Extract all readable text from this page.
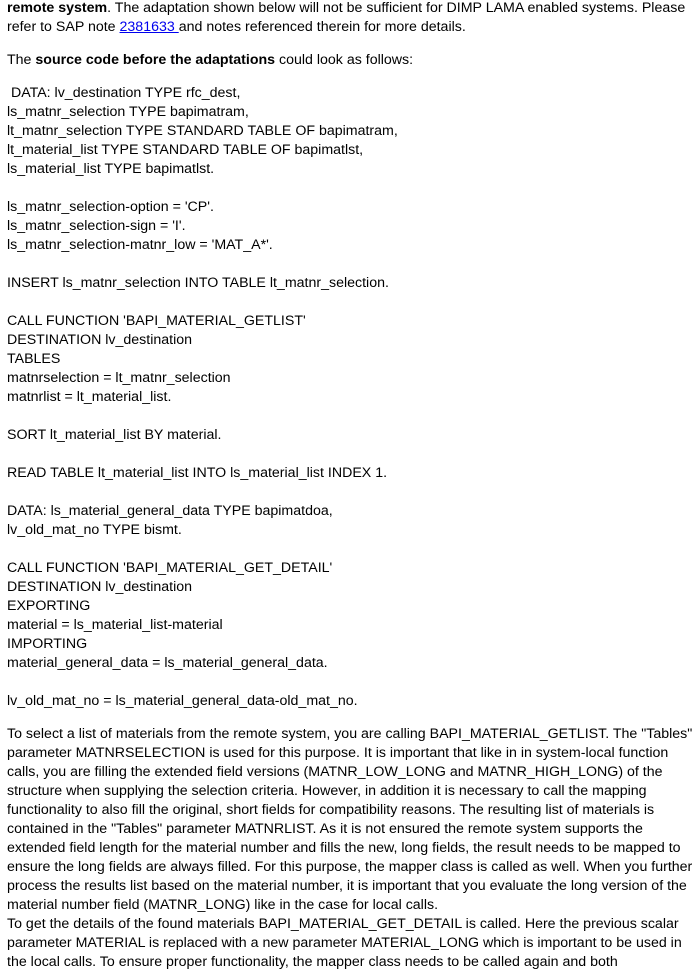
remote system. The adaptation shown below will not be sufficient for DIMP LAMA enabled systems. Please refer to SAP note 2381633 and notes referenced therein for more details.

The source code before the adaptations could look as follows:

DATA: lv_destination TYPE rfc_dest,
ls_matnr_selection TYPE bapimatram,
lt_matnr_selection TYPE STANDARD TABLE OF bapimatram,
lt_material_list TYPE STANDARD TABLE OF bapimatlst,
ls_material_list TYPE bapimatlst.
ls_matnr_selection-option = 'CP'.
ls_matnr_selection-sign = 'I'.
ls_matnr_selection-matnr_low = 'MAT_A*'.
INSERT ls_matnr_selection INTO TABLE lt_matnr_selection.
CALL FUNCTION 'BAPI_MATERIAL_GETLIST'
DESTINATION lv_destination
TABLES
matnrselection = lt_matnr_selection
matnrlist = lt_material_list.
SORT lt_material_list BY material.
READ TABLE lt_material_list INTO ls_material_list INDEX 1.
DATA: ls_material_general_data TYPE bapimatdoa,
lv_old_mat_no TYPE bismt.
CALL FUNCTION 'BAPI_MATERIAL_GET_DETAIL'
DESTINATION lv_destination
EXPORTING
material = ls_material_list-material
IMPORTING
material_general_data = ls_material_general_data.
lv_old_mat_no = ls_material_general_data-old_mat_no.

To select a list of materials from the remote system, you are calling BAPI_MATERIAL_GETLIST. The "Tables" parameter MATNRSELECTION is used for this purpose. It is important that like in in system-local function calls, you are filling the extended field versions (MATNR_LOW_LONG and MATNR_HIGH_LONG) of the structure when supplying the selection criteria. However, in addition it is necessary to call the mapping functionality to also fill the original, short fields for compatibility reasons. The resulting list of materials is contained in the "Tables" parameter MATNRLIST. As it is not ensured the remote system supports the extended field length for the material number and fills the new, long fields, the result needs to be mapped to ensure the long fields are always filled. For this purpose, the mapper class is called as well. When you further process the results list based on the material number, it is important that you evaluate the long version of the material number field (MATNR_LONG) like in the case for local calls.

To get the details of the found materials BAPI_MATERIAL_GET_DETAIL is called. Here the previous scalar parameter MATERIAL is replaced with a new parameter MATERIAL_LONG which is important to be used in the local calls. To ensure proper functionality, the mapper class needs to be called again and both
